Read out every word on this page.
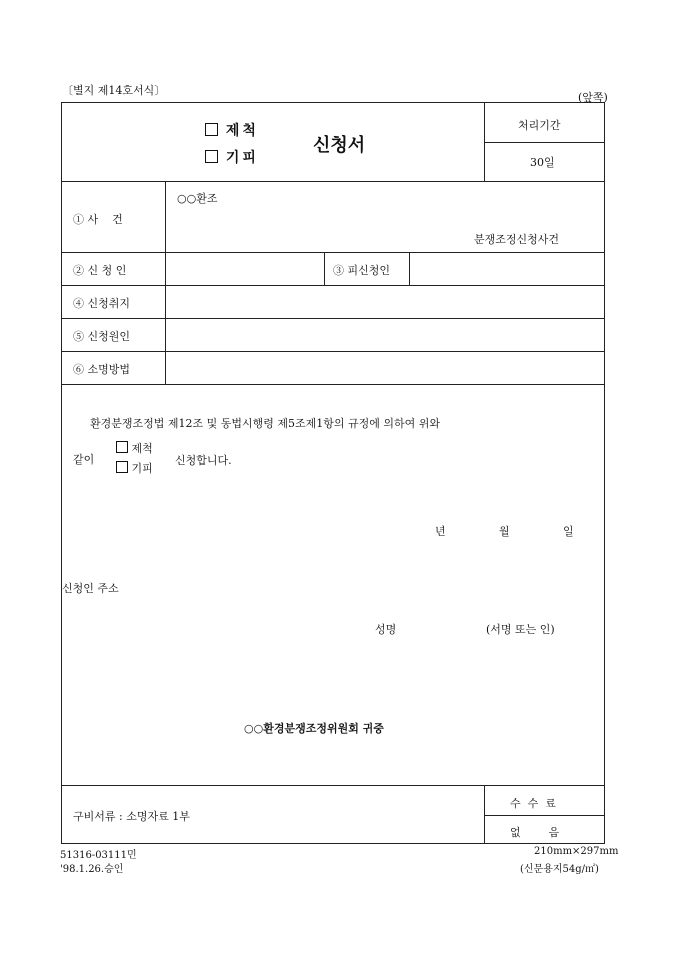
〔별지 제14호서식〕
(앞쪽)
제척
기피
신청서
처리기간
30일
① 사    건
○○환조
분쟁조정신청사건
② 신 청 인	③ 피신청인
④ 신청취지
⑤ 신청원인
⑥ 소명방법
환경분쟁조정법 제12조 및 동법시행령 제5조제1항의 규정에 의하여 위와
같이
제척
기피
신청합니다.
년	월	일
신청인 주소
성명	(서명 또는 인)
○○환경분쟁조정위원회 귀중
구비서류 : 소명자료 1부
수  수  료
없        음
51316-03111민
'98.1.26.승인
210mm×297mm
(신문용지54g/㎡)
